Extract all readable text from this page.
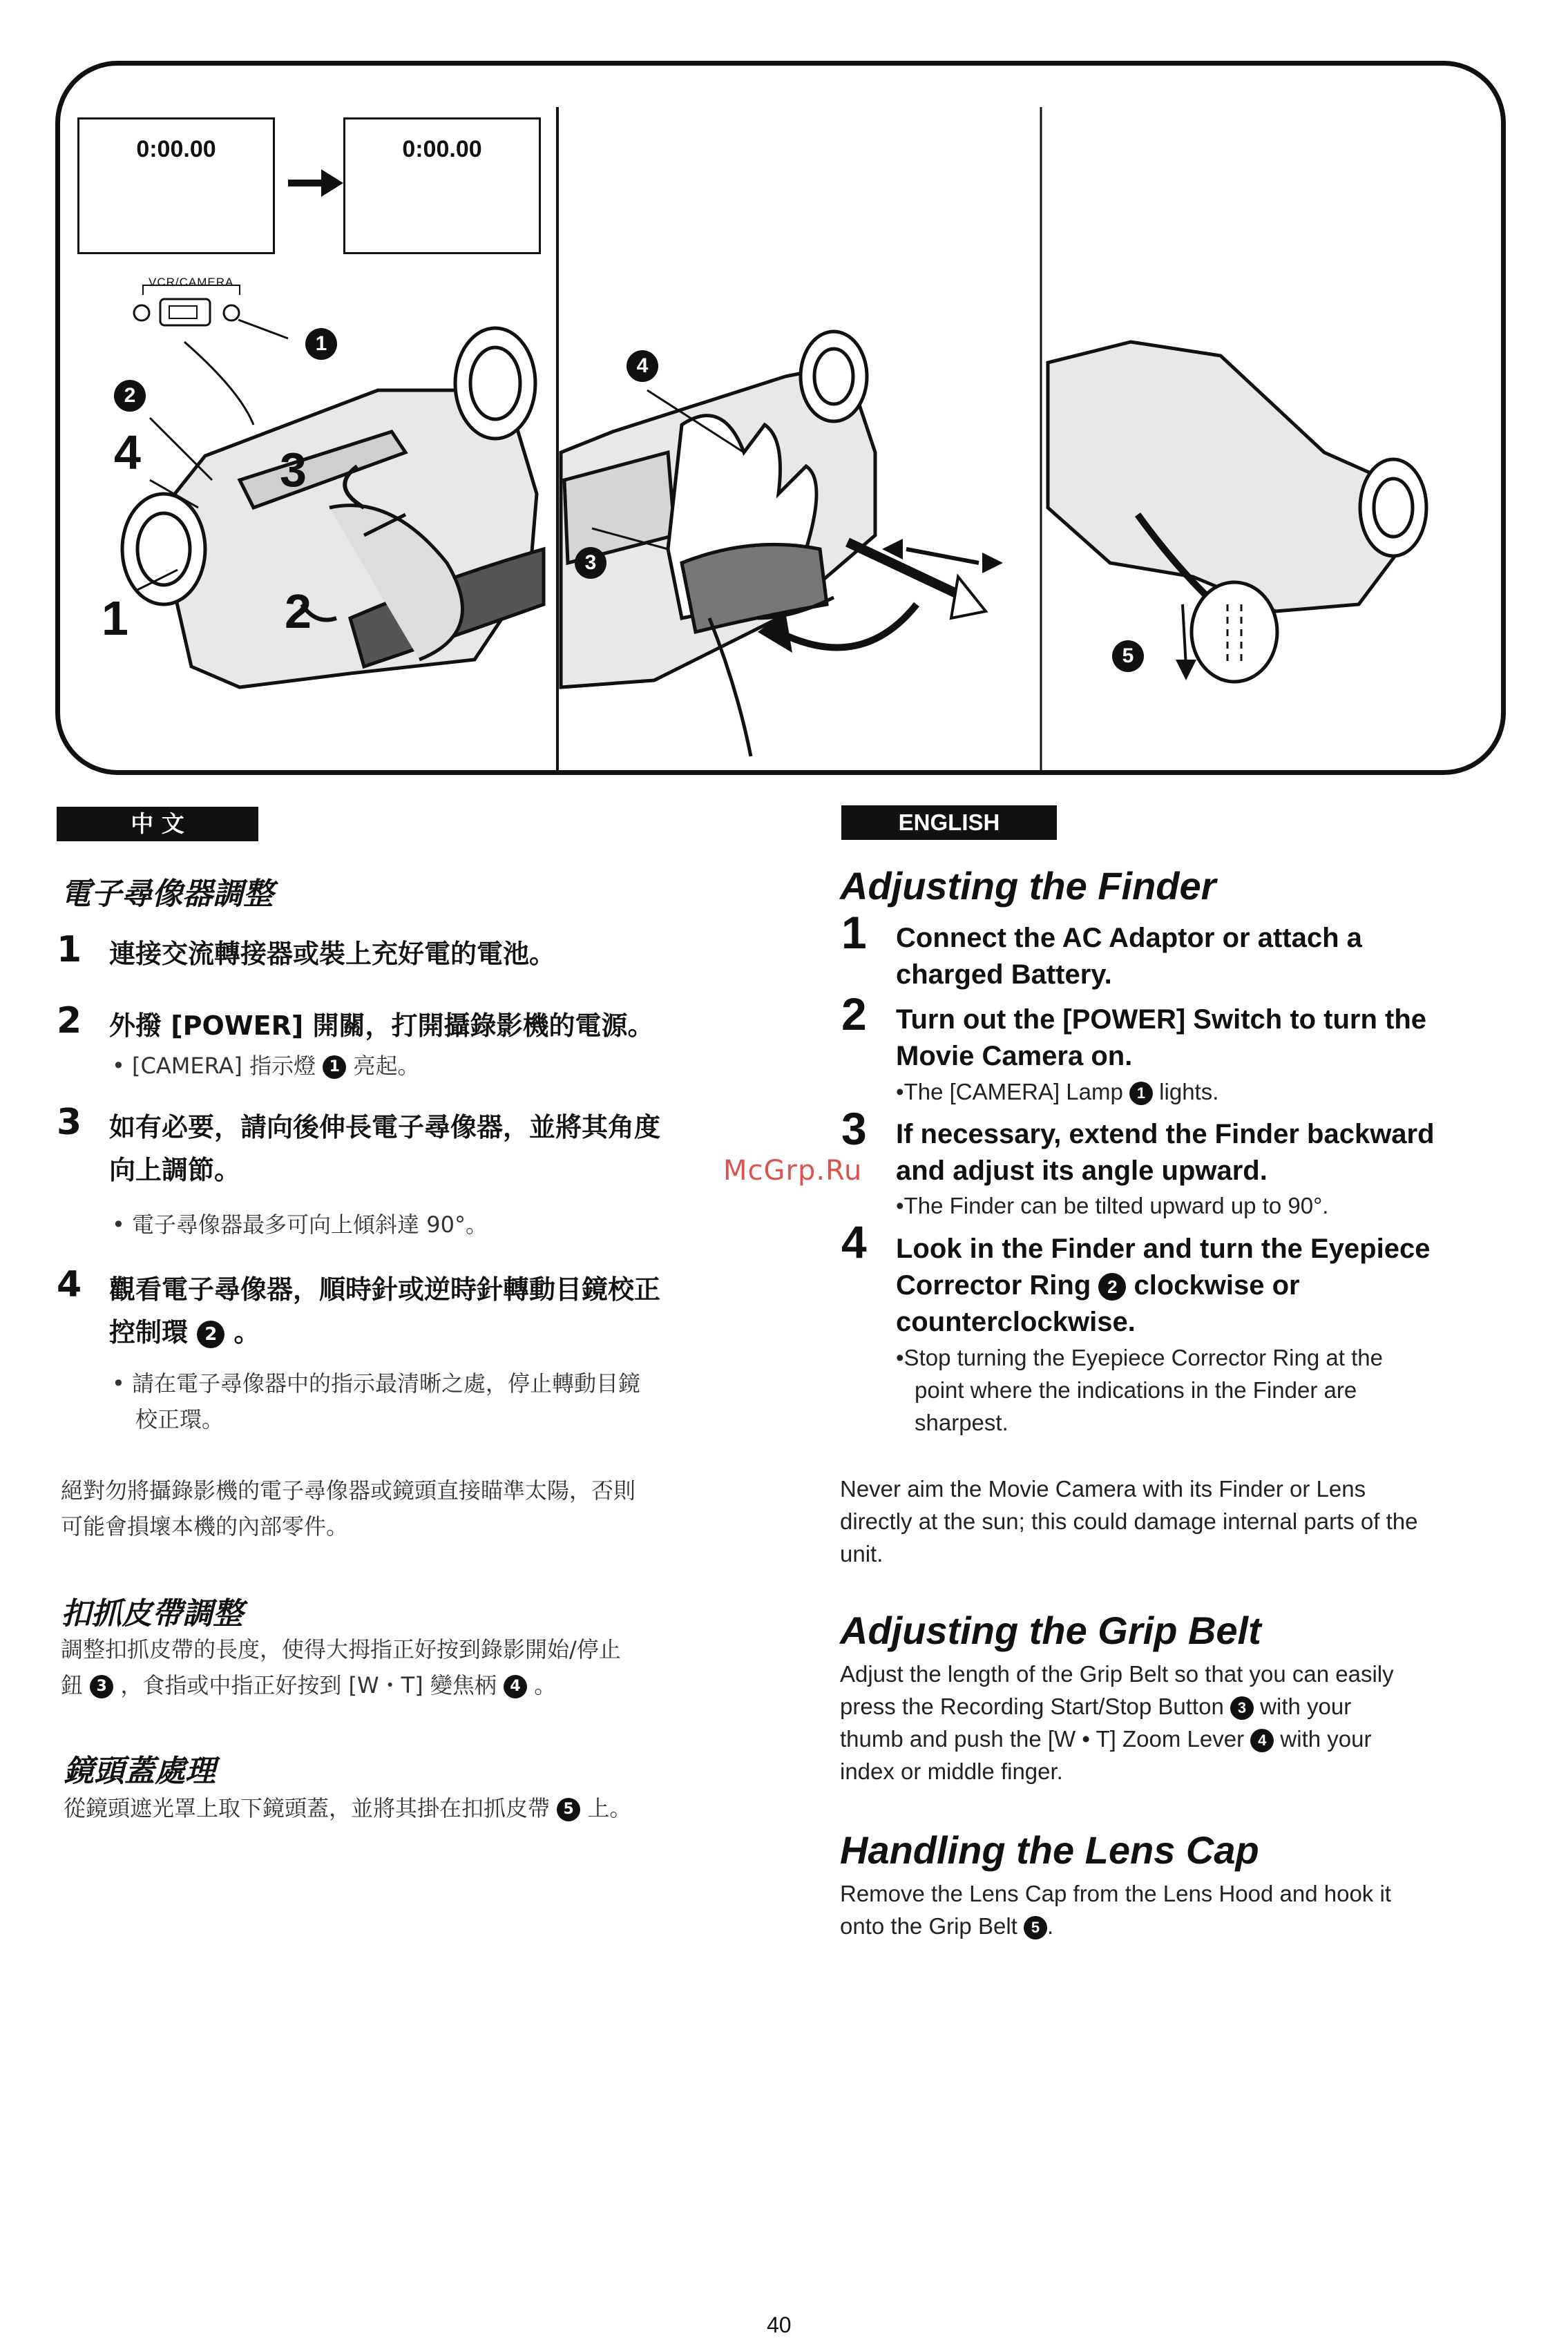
0:00.00	0:00.00
VCR/CAMERA
1
2
3
4
5
1	2
3
4
中 文
電子尋像器調整
1 連接交流轉接器或裝上充好電的電池。
2 外撥 [POWER] 開關，打開攝錄影機的電源。
• [CAMERA] 指示燈 1 亮起。
3 如有必要，請向後伸長電子尋像器，並將其角度
向上調節。
• 電子尋像器最多可向上傾斜達 90°。
4 觀看電子尋像器，順時針或逆時針轉動目鏡校正
控制環 2 。
• 請在電子尋像器中的指示最清晰之處，停止轉動目鏡
校正環。
絕對勿將攝錄影機的電子尋像器或鏡頭直接瞄準太陽，否則
可能會損壞本機的內部零件。
扣抓皮帶調整
調整扣抓皮帶的長度，使得大拇指正好按到錄影開始/停止
鈕 3 ，食指或中指正好按到 [W・T] 變焦柄 4 。
鏡頭蓋處理
從鏡頭遮光罩上取下鏡頭蓋，並將其掛在扣抓皮帶 5 上。
ENGLISH
Adjusting the Finder
1 Connect the AC Adaptor or attach a
charged Battery.
2 Turn out the [POWER] Switch to turn the
Movie Camera on.
•The [CAMERA] Lamp 1 lights.
3 If necessary, extend the Finder backward
and adjust its angle upward.
•The Finder can be tilted upward up to 90°.
4 Look in the Finder and turn the Eyepiece
Corrector Ring 2 clockwise or
counterclockwise.
•Stop turning the Eyepiece Corrector Ring at the
point where the indications in the Finder are
sharpest.
Never aim the Movie Camera with its Finder or Lens
directly at the sun; this could damage internal parts of the
unit.
Adjusting the Grip Belt
Adjust the length of the Grip Belt so that you can easily
press the Recording Start/Stop Button 3 with your
thumb and push the [W • T] Zoom Lever 4 with your
index or middle finger.
Handling the Lens Cap
Remove the Lens Cap from the Lens Hood and hook it
onto the Grip Belt 5 .
McGrp.Ru
40
